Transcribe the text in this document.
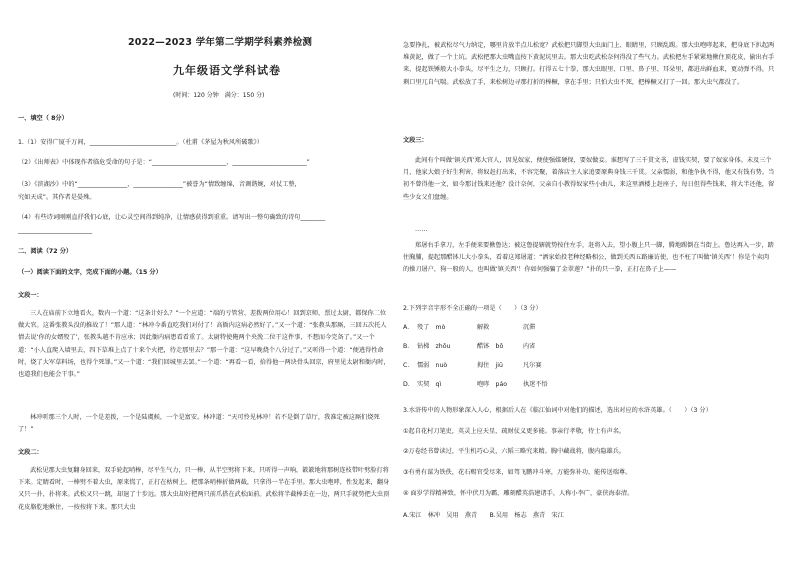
2022—2023 学年第二学期学科素养检测
九年级语文学科试卷
(时间：120 分钟　满分：150 分)

一、填空（ 8分）

1.（1）安得广厦千万间，____________________________。（杜甫《茅屋为秋风所破歌》）

（2）《出师表》中体现作者临危受命的句子是：“________________________，________________________”

（3）《滨湖沙》中的“________________，________________”被誉为“情致缠绵，音调谐婉，对仗工整，

究如天成”。其作者是晏殊。

（4）有些诗词刚刚直抒我们心底，让心灵空间得到纯净，让情感获得到重重。请写出一整句确致的诗句________

________________________

二、阅读（72 分）

（一）阅读下面的文字，完成下面的小题。（15 分）

文段一：

三人在庙前下立地看火，数内一个道：“这条计好么？”一个应道：“端的亏管营、差拨两位用心！回到京师，票过太尉，都保你二位做大官。这番张教头没的推故了！”那人道：“林冲今番直吃我们对付了！高衙内这病必然好了。”又一个道：“张教头那厮，三回五次托人情去说‘你的女婿殁了’，张教头越不肯应承；因此衙内病患看看重了。太尉特使俺两个央浼二位干这件事，不想而今完备了。”又一个道：“小人直爬入墙里去，四下草堆上点了十来个火把，待走那里去？”那一个道：“这早晚烧个八分过了。”又听得一个道：“便逃得性命时，烧了大军草料场，也得个死罪。”又一个道：“我们回城里去罢。”一个道：“再看一看，拾得他一两块骨头回京，府里见太尉和衙内时，也道我们也能会干事。”

林冲听那三个人时，一个是差拨，一个是陆虞候，一个是富安。林冲道：“天可怜见林冲！若不是倒了草厅，我准定被这厮们烧死了！”

文段二：

武松见那大虫复翻身回来，双手轮起哨棒，尽平生气力，只一棒，从半空劈将下来。只听得一声响，簌簌地将那树连枝带叶劈脸打将下来。定睛看时，一棒劈不着大虫，原来慌了，正打在枯树上，把那条哨棒折做两截，只拿得一半在手里。那大虫咆哮，性发起来，翻身又只一扑，扑将来。武松又只一跳，却退了十步远。那大虫却好把两只前爪搭在武松面前。武松将半截棒丢在一边，两只手就势把大虫顶花皮胳肐地揪住，一按按将下来。那只大虫

急要挣扎，被武松尽气力纳定，哪里肯放半点儿松宽？武松把只脚望大虫面门上、眼睛里，只顾乱踢。那大虫咆哮起来，把身底下扒起两堆黄泥，做了一个土坑。武松把那大虫嘴直按下黄泥坑里去。那大虫吃武松奈何得没了些气力。武松把左手紧紧地揪住顶花皮，偷出右手来，提起铁锤般大小拳头，尽平生之力，只顾打。打得五七十拳，那大虫眼里、口里、鼻子里、耳朵里，都迸出鲜血来，更动弹不得，只剩口里兀自气喘。武松放了手，来松树边寻那打折的棒橛，拿在手里；只怕大虫不死，把棒橛又打了一回。那大虫气都没了。

文段三：

此间有个叫做‘镇关西’郑大官人，因见奴家，便使强媒硬保，要奴做妾。谁想写了三千贯文书，虚钱实契，要了奴家身体。未及三个月，他家大娘子好生利害，将奴赶打出来，不容完聚，着落店主人家追要原典身钱三千贯。父亲懦弱，和他争执不得，他又有钱有势。当初不曾得他一文，如今那讨钱来还他？没计奈何，父亲自小教得奴家些小曲儿，来这里酒楼上赶座子，每日但得些钱来，将大半还他，留些少女父们盘缠。

……

郑屠右手拿刀，左手便来要揪鲁达；被这鲁提辖就势按住左手，赶将入去，望小腹上只一脚，腾地踢倒在当街上。鲁达再入一步，踏住胸脯，提起那醋钵儿大小拳头，看着这郑屠道：“洒家始投老种经略相公，做到关西五路廉访使，也不枉了叫做‘镇关西’！你是个卖肉的操刀屠户，狗一般的人，也叫做‘镇关西’！你如何强骗了金翠莲？”扑的只一拳，正打在鼻子上——

2.下列字音字形不全正确的一项是（　　）（3 分）

A． 殁了　mò	解救	沉滞
B． 钻梯　zhōu	醋钵　bō	内省
C． 懦弱　nuò	拇住　jiū	凡尔赛
D． 实契　qì	咆哮　páo	执迷不悟

3.水浒传中的人物形象深入人心，根据后人在《临江仙词中对他们的描述，选出对应的水浒英雄。（　　）（3 分）

①起自花村刀笔吏，英灵上应天星，疏财仗义更多能。事亲行孝敬，待士有声名。

②万卷经书曾读过，平生机巧心灵，六韬三略究来精。胸中藏战将，腹内隐雄兵。

③有勇有谋为铁佚，花石赐官受尽来，如驾飞鹏冲斗寒，万能弥补功，能传送瑞尊。

④ 面岁学得精神致，怀中伏月为霸，雕刻醋英浩建诸手，人称小李广，豪侠海泰清。

A.宋江　林冲　吴用　燕青　　B.吴用　杨志　燕青　宋江
